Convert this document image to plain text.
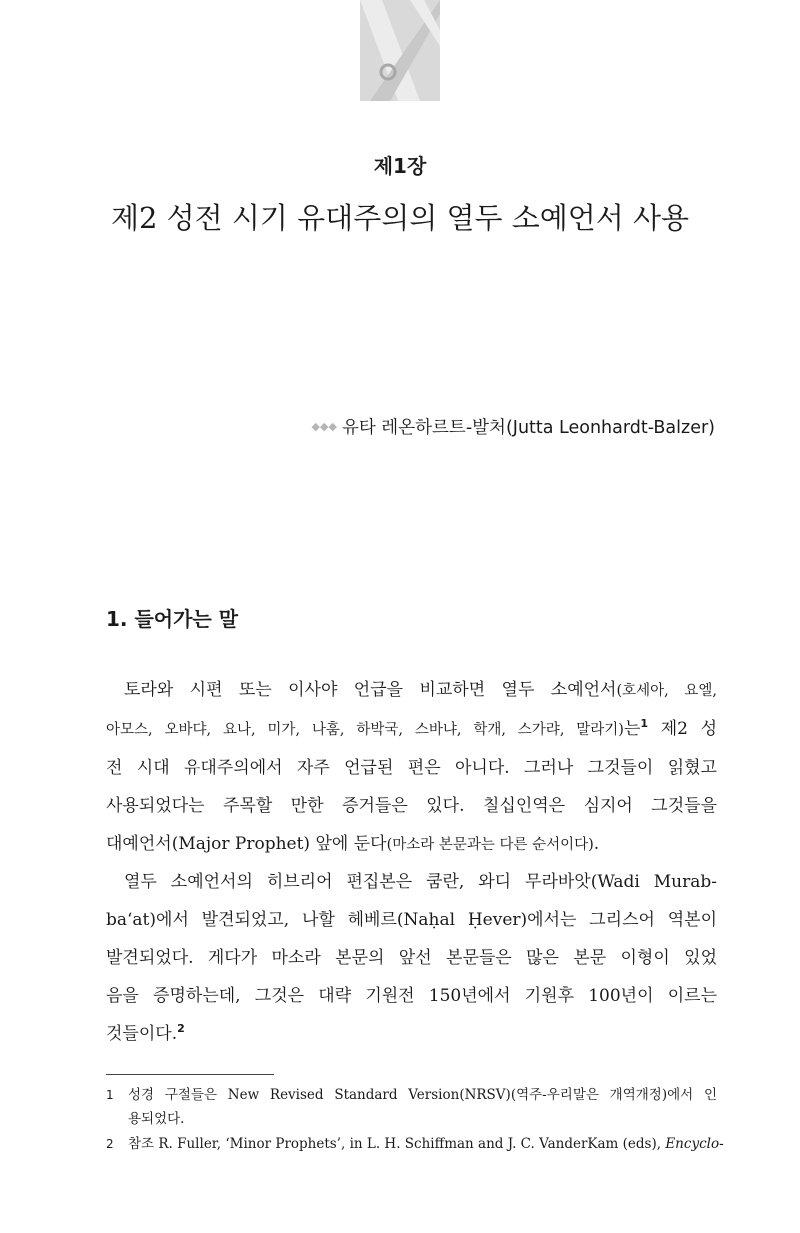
제1장
제2 성전 시기 유대주의의 열두 소예언서 사용
◆◆◆ 유타 레온하르트-발처(Jutta Leonhardt-Balzer)
1. 들어가는 말
토라와 시편 또는 이사야 언급을 비교하면 열두 소예언서(호세아, 요엘,
아모스, 오바댜, 요나, 미가, 나훔, 하박국, 스바냐, 학개, 스가랴, 말라기)는$^1$ 제2 성
전 시대 유대주의에서 자주 언급된 편은 아니다. 그러나 그것들이 읽혔고
사용되었다는 주목할 만한 증거들은 있다. 칠십인역은 심지어 그것들을
대예언서(Major Prophet) 앞에 둔다(마소라 본문과는 다른 순서이다).
열두 소예언서의 히브리어 편집본은 쿰란, 와디 무라바앗(Wadi Murab-
ba‘at)에서 발견되었고, 나할 헤베르(Naḥal Ḥever)에서는 그리스어 역본이
발견되었다. 게다가 마소라 본문의 앞선 본문들은 많은 본문 이형이 있었
음을 증명하는데, 그것은 대략 기원전 150년에서 기원후 100년이 이르는
것들이다.$^2$
1 성경 구절들은 New Revised Standard Version(NRSV)(역주-우리말은 개역개정)에서 인
용되었다.
2 참조 R. Fuller, ‘Minor Prophets’, in L. H. Schiffman and J. C. VanderKam (eds), Encyclo-
